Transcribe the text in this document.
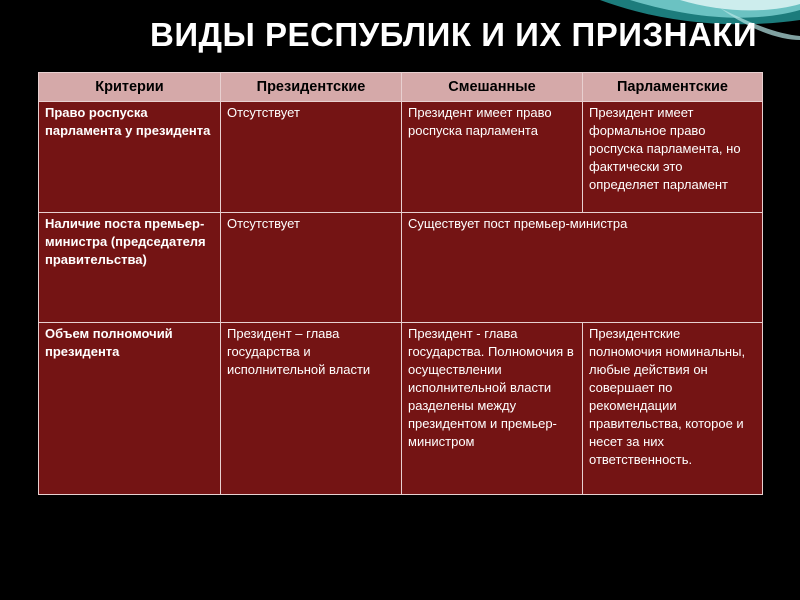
ВИДЫ РЕСПУБЛИК И ИХ ПРИЗНАКИ
Критерии	Президентские	Смешанные	Парламентские
Право роспуска парламента у президента	Отсутствует	Президент имеет право роспуска парламента	Президент имеет формальное право роспуска парламента, но фактически это определяет парламент
Наличие поста премьер-министра (председателя правительства)	Отсутствует	Существует пост премьер-министра	
Объем полномочий президента	Президент – глава государства и исполнительной власти	Президент - глава государства. Полномочия в осуществлении исполнительной власти разделены между президентом и премьер-министром	Президентские полномочия номинальны, любые действия он совершает по рекомендации правительства, которое и несет за них ответственность.
